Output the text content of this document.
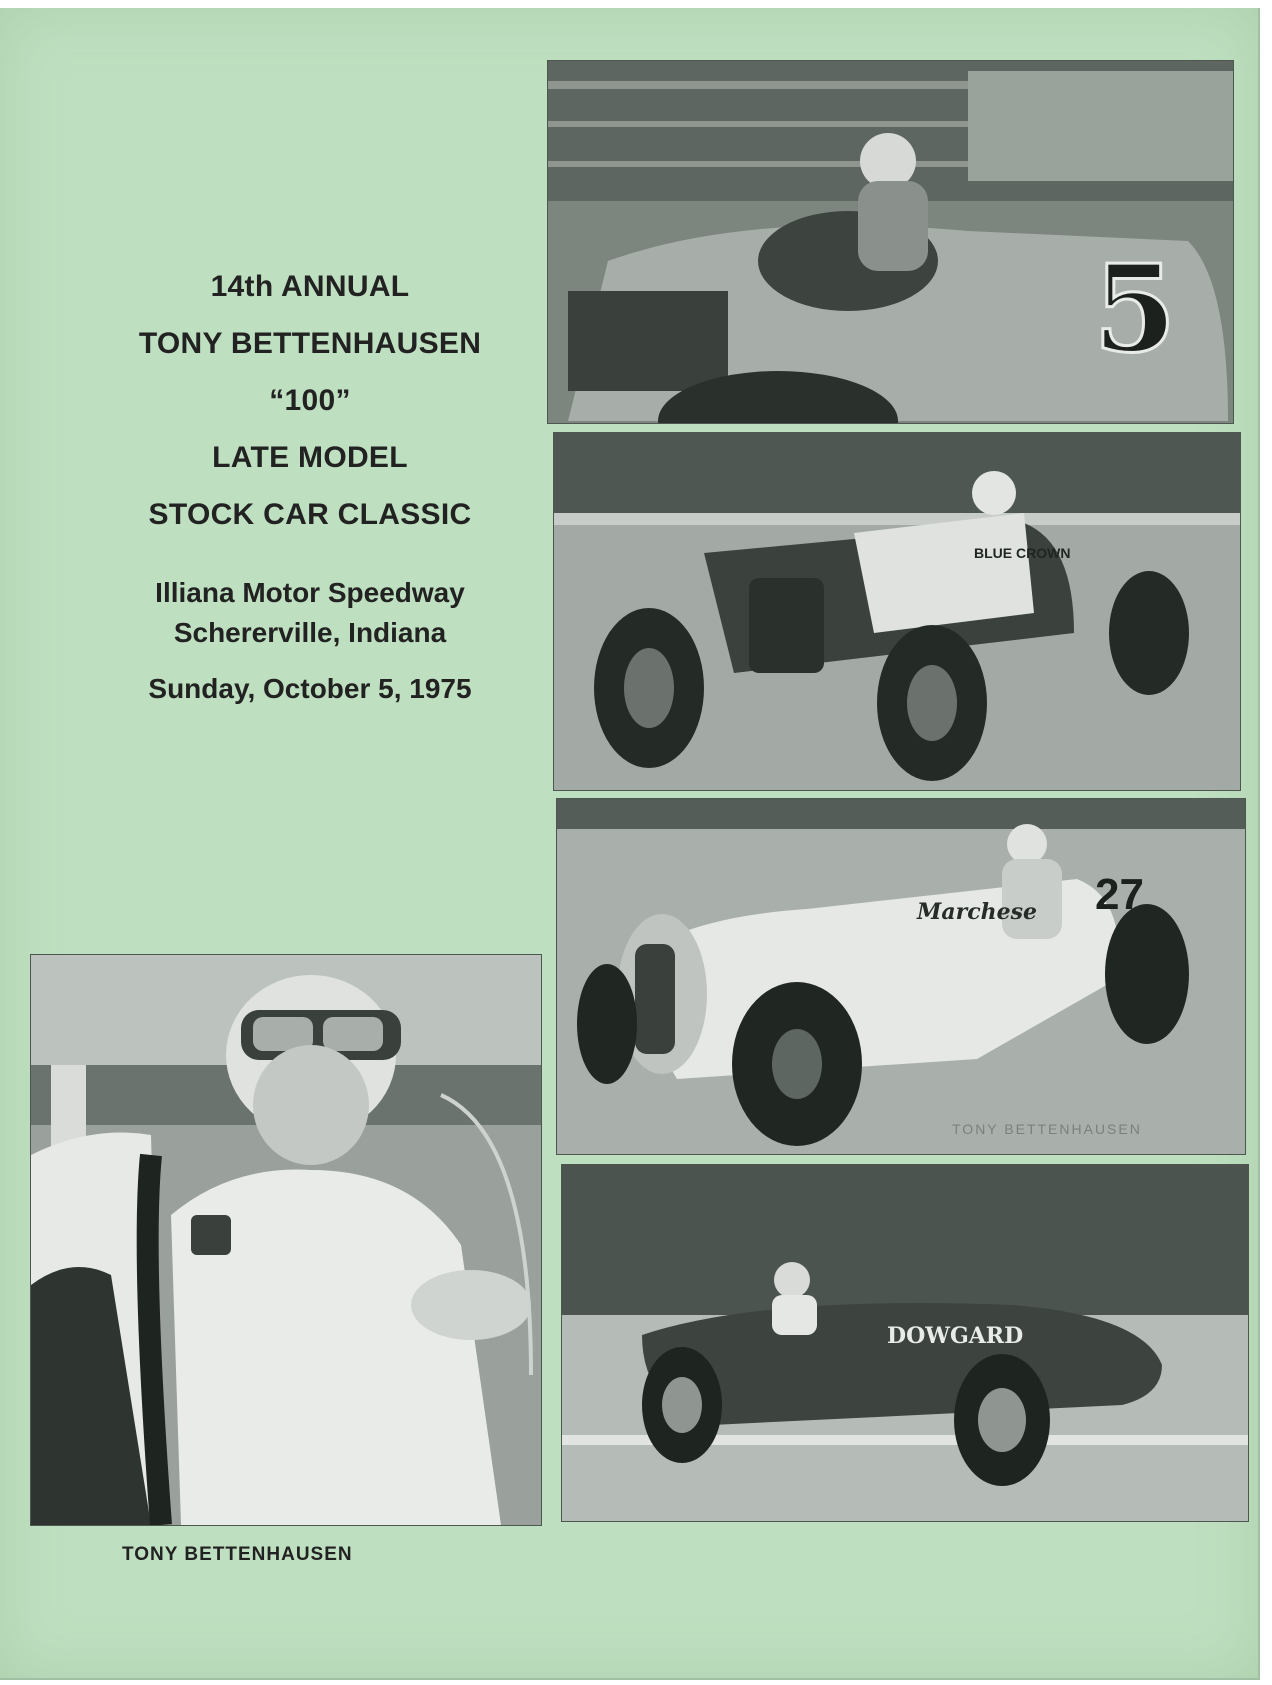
14th ANNUAL
TONY BETTENHAUSEN
“100”
LATE MODEL
STOCK CAR CLASSIC
Illiana Motor Speedway
Schererville, Indiana
Sunday, October 5, 1975
5
BLUE CROWN
Marchese 27
TONY BETTENHAUSEN
DOWGARD
TONY BETTENHAUSEN
